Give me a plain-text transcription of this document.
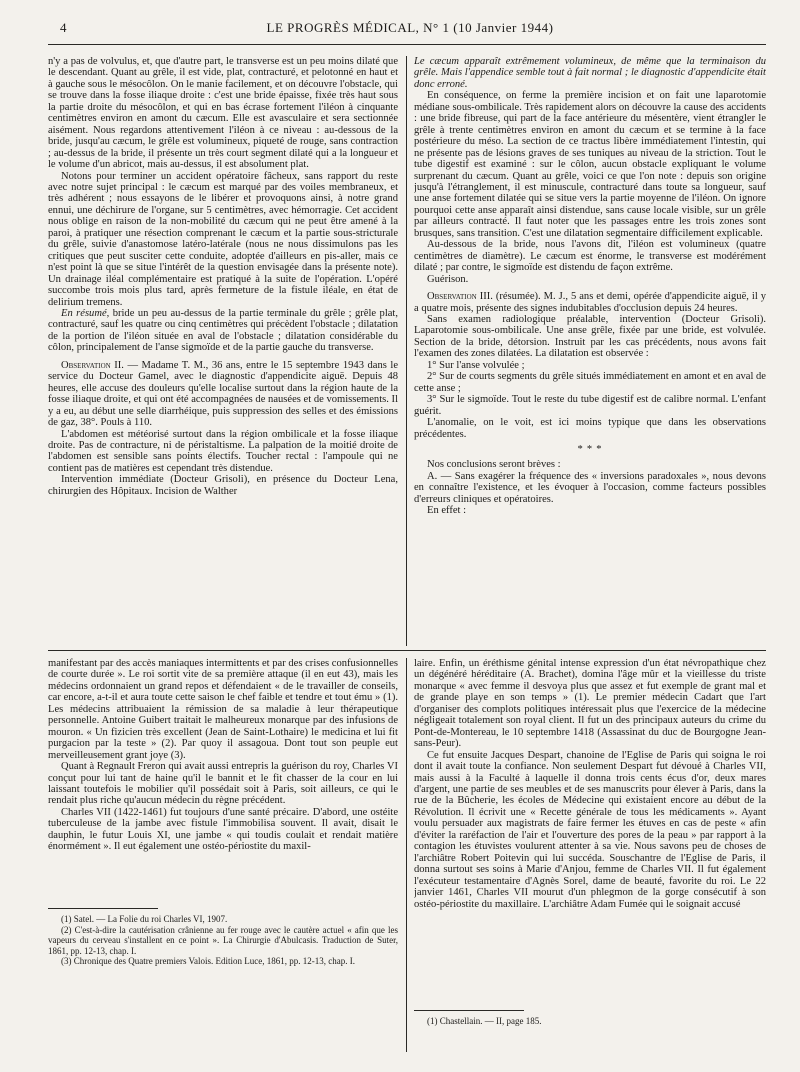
4	LE PROGRÈS MÉDICAL, N° 1 (10 Janvier 1944)

n'y a pas de volvulus, et, que d'autre part, le transverse est un peu moins dilaté que le descendant. Quant au grêle, il est vide, plat, contracturé, et pelotonné en haut et à gauche sous le mésocôlon. On le manie facilement, et on découvre l'obstacle, qui se trouve dans la fosse iliaque droite : c'est une bride épaisse, fixée très haut sous la partie droite du mésocôlon, et qui en bas écrase fortement l'iléon à cinquante centimètres environ en amont du cæcum. Elle est avasculaire et sera sectionnée aisément. Nous regardons attentivement l'iléon à ce niveau : au-dessous de la bride, jusqu'au cæcum, le grêle est volumineux, piqueté de rouge, sans contraction ; au-dessus de la bride, il présente un très court segment dilaté qui a la longueur et le volume d'un abricot, mais au-dessus, il est absolument plat.

Notons pour terminer un accident opératoire fâcheux, sans rapport du reste avec notre sujet principal : le cæcum est marqué par des voiles membraneux, et très adhérent ; nous essayons de le libérer et provoquons ainsi, à notre grand ennui, une déchirure de l'organe, sur 5 centimètres, avec hémorragie. Cet accident nous oblige en raison de la non-mobilité du cæcum qui ne peut être amené à la paroi, à pratiquer une résection comprenant le cæcum et la partie sous-stricturale du grêle, suivie d'anastomose latéro-latérale (nous ne nous dissimulons pas les critiques que peut susciter cette conduite, adoptée d'ailleurs en pis-aller, mais ce n'est point là que se situe l'intérêt de la question envisagée dans la présente note). Un drainage iléal complémentaire est pratiqué à la suite de l'opération. L'opéré succombe trois mois plus tard, après fermeture de la fistule iléale, en état de delirium tremens.

En résumé, bride un peu au-dessus de la partie terminale du grêle ; grêle plat, contracturé, sauf les quatre ou cinq centimètres qui précèdent l'obstacle ; dilatation de la portion de l'iléon située en aval de l'obstacle ; dilatation considérable du côlon, principalement de l'anse sigmoïde et de la partie gauche du transverse.

Observation II. — Madame T. M., 36 ans, entre le 15 septembre 1943 dans le service du Docteur Gamel, avec le diagnostic d'appendicite aiguë. Depuis 48 heures, elle accuse des douleurs qu'elle localise surtout dans la région haute de la fosse iliaque droite, et qui ont été accompagnées de nausées et de vomissements. Il y a eu, au début une selle diarrhéique, puis suppression des selles et des émissions de gaz, 38°. Pouls à 110.

L'abdomen est météorisé surtout dans la région ombilicale et la fosse iliaque droite. Pas de contracture, ni de péristaltisme. La palpation de la moitié droite de l'abdomen est sensible sans points électifs. Toucher rectal : l'ampoule qui ne contient pas de matières est cependant très distendue.

Intervention immédiate (Docteur Grisoli), en présence du Docteur Lena, chirurgien des Hôpitaux. Incision de Walther

Le cæcum apparaît extrêmement volumineux, de même que la terminaison du grêle. Mais l'appendice semble tout à fait normal ; le diagnostic d'appendicite était donc erroné.

En conséquence, on ferme la première incision et on fait une laparotomie médiane sous-ombilicale. Très rapidement alors on découvre la cause des accidents : une bride fibreuse, qui part de la face antérieure du mésentère, vient étrangler le grêle à trente centimètres environ en amont du cæcum et se termine à la face postérieure du méso. La section de ce tractus libère immédiatement l'intestin, qui ne présente pas de lésions graves de ses tuniques au niveau de la striction. Tout le tube digestif est examiné : sur le côlon, aucun obstacle expliquant le volume surprenant du cæcum. Quant au grêle, voici ce que l'on note : depuis son origine jusqu'à l'étranglement, il est minuscule, contracturé dans toute sa longueur, sauf une anse fortement dilatée qui se situe vers la partie moyenne de l'iléon. On ignore pourquoi cette anse apparaît ainsi distendue, sans cause locale visible, sur un grêle par ailleurs contracté. Il faut noter que les passages entre les trois zones sont brusques, sans transition. C'est une dilatation segmentaire difficilement explicable.

Au-dessous de la bride, nous l'avons dit, l'iléon est volumineux (quatre centimètres de diamètre). Le cæcum est énorme, le transverse est modérément dilaté ; par contre, le sigmoïde est distendu de façon extrême.

Guérison.

Observation III. (résumée). M. J., 5 ans et demi, opérée d'appendicite aiguë, il y a quatre mois, présente des signes indubitables d'occlusion depuis 24 heures.

Sans examen radiologique préalable, intervention (Docteur Grisoli). Laparotomie sous-ombilicale. Une anse grêle, fixée par une bride, est volvulée. Section de la bride, détorsion. Instruit par les cas précédents, nous avons fait l'examen des zones dilatées. La dilatation est observée :

1° Sur l'anse volvulée ;

2° Sur de courts segments du grêle situés immédiatement en amont et en aval de cette anse ;

3° Sur le sigmoïde. Tout le reste du tube digestif est de calibre normal. L'enfant guérit.

L'anomalie, on le voit, est ici moins typique que dans les observations précédentes.

* * *

Nos conclusions seront brèves :

A. — Sans exagérer la fréquence des « inversions paradoxales », nous devons en connaître l'existence, et les évoquer à l'occasion, comme facteurs possibles d'erreurs cliniques et opératoires.

En effet :

manifestant par des accès maniaques intermittents et par des crises confusionnelles de courte durée ». Le roi sortit vite de sa première attaque (il en eut 43), mais les médecins ordonnaient un grand repos et défendaient « de le travailler de conseils, car encore, a-t-il et aura toute cette saison le chef faible et tendre et tout ému » (1). Les médecins attribuaient la rémission de sa maladie à leur thérapeutique personnelle. Antoine Guibert traitait le malheureux monarque par des infusions de mouron. « Un fizicien très excellent (Jean de Saint-Lothaire) le medicina et lui fit purgacion par la teste » (2). Par quoy il assagoua. Dont tout son peuple eut merveilleusement grant joye (3).

Quant à Regnault Freron qui avait aussi entrepris la guérison du roy, Charles VI conçut pour lui tant de haine qu'il le bannit et le fit chasser de la cour en lui laissant toutefois le mobilier qu'il possédait soit à Paris, soit ailleurs, ce qui le rendait plus riche qu'aucun médecin du règne précédent.

Charles VII (1422-1461) fut toujours d'une santé précaire. D'abord, une ostéite tuberculeuse de la jambe avec fistule l'immobilisa souvent. Il avait, disait le dauphin, le futur Louis XI, une jambe « qui toudis coulait et rendait matière énormément ». Il eut également une ostéo-périostite du maxil-

(1) Satel. — La Folie du roi Charles VI, 1907.

(2) C'est-à-dire la cautérisation crânienne au fer rouge avec le cautère actuel « afin que les vapeurs du cerveau s'installent en ce point ». La Chirurgie d'Abulcasis. Traduction de Suter, 1861, pp. 12-13, chap. I.

(3) Chronique des Quatre premiers Valois. Edition Luce, 1861, pp. 12-13, chap. I.

laire. Enfin, un éréthisme génital intense expression d'un état névropathique chez un dégénéré héréditaire (A. Brachet), domina l'âge mûr et la vieillesse du triste monarque « avec femme il desvoya plus que assez et fut exemple de grant mal et de grande playe en son temps » (1). Le premier médecin Cadart que l'art d'organiser des complots politiques intéressait plus que l'exercice de la médecine négligeait totalement son royal client. Il fut un des principaux auteurs du crime du Pont-de-Montereau, le 10 septembre 1418 (Assassinat du duc de Bourgogne Jean-sans-Peur).

Ce fut ensuite Jacques Despart, chanoine de l'Eglise de Paris qui soigna le roi dont il avait toute la confiance. Non seulement Despart fut dévoué à Charles VII, mais aussi à la Faculté à laquelle il donna trois cents écus d'or, deux mares d'argent, une partie de ses meubles et de ses manuscrits pour élever à Paris, dans la rue de la Bûcherie, les écoles de Médecine qui existaient encore au début de la Révolution. Il écrivit une « Recette générale de tous les médicaments ». Ayant voulu persuader aux magistrats de faire fermer les étuves en cas de peste « afin d'éviter la raréfaction de l'air et l'ouverture des pores de la peau » par rapport à la contagion les étuvistes voulurent attenter à sa vie. Nous savons peu de choses de l'archiâtre Robert Poitevin qui lui succéda. Souschantre de l'Eglise de Paris, il donna surtout ses soins à Marie d'Anjou, femme de Charles VII. Il fut également l'exécuteur testamentaire d'Agnès Sorel, dame de beauté, favorite du roi. Le 22 janvier 1461, Charles VII mourut d'un phlegmon de la gorge consécutif à son ostéo-périostite du maxillaire. L'archiâtre Adam Fumée qui le soignait accusé

(1) Chastellain. — II, page 185.
